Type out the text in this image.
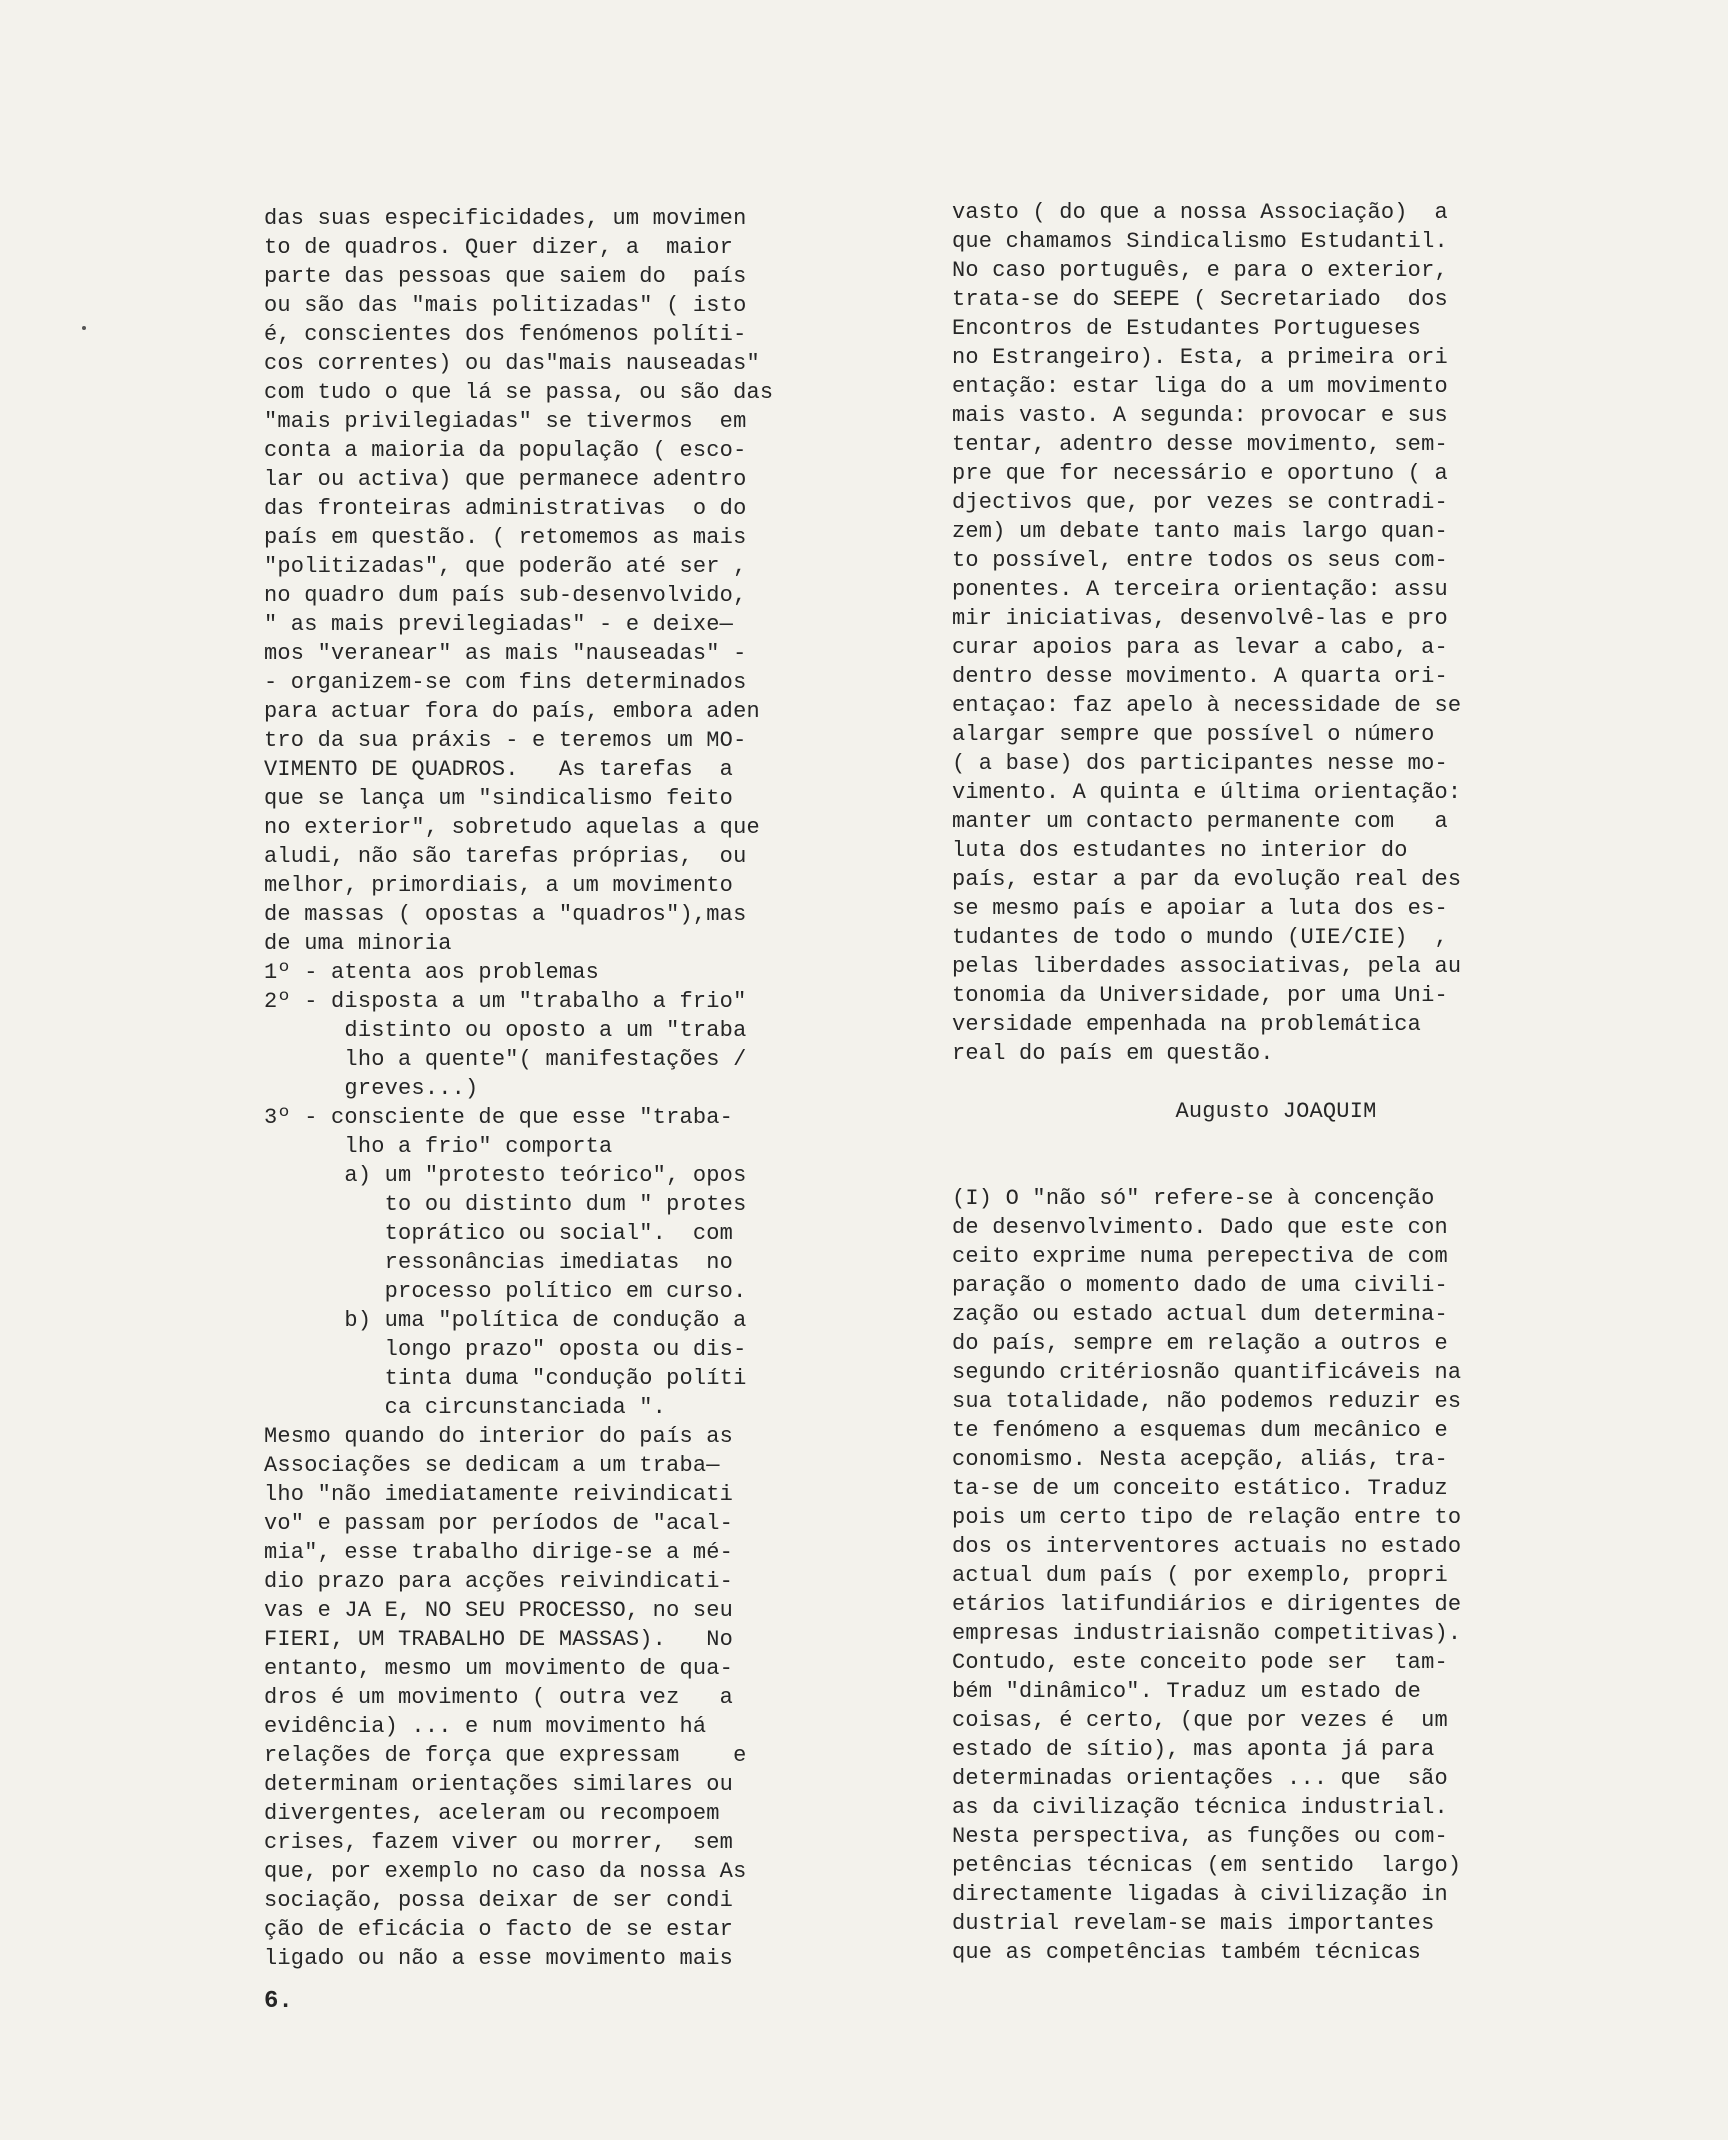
das suas especificidades, um movimen
to de quadros. Quer dizer, a  maior
parte das pessoas que saiem do  país
ou são das "mais politizadas" ( isto
é, conscientes dos fenómenos políti-
cos correntes) ou das"mais nauseadas"
com tudo o que lá se passa, ou são das
"mais privilegiadas" se tivermos  em
conta a maioria da população ( esco-
lar ou activa) que permanece adentro
das fronteiras administrativas  o do
país em questão. ( retomemos as mais
"politizadas", que poderão até ser ,
no quadro dum país sub-desenvolvido,
" as mais previlegiadas" - e deixe—
mos "veranear" as mais "nauseadas" -
- organizem-se com fins determinados
para actuar fora do país, embora aden
tro da sua práxis - e teremos um MO-
VIMENTO DE QUADROS.   As tarefas  a
que se lança um "sindicalismo feito
no exterior", sobretudo aquelas a que
aludi, não são tarefas próprias,  ou
melhor, primordiais, a um movimento
de massas ( opostas a "quadros"),mas
de uma minoria
1º - atenta aos problemas
2º - disposta a um "trabalho a frio"
distinto ou oposto a um "traba
lho a quente"( manifestações /
greves...)
3º - consciente de que esse "traba-
lho a frio" comporta
a) um "protesto teórico", opos
to ou distinto dum " protes
toprático ou social".  com
ressonâncias imediatas  no
processo político em curso.
b) uma "política de condução a
longo prazo" oposta ou dis-
tinta duma "condução políti
ca circunstanciada ".
Mesmo quando do interior do país as
Associações se dedicam a um traba—
lho "não imediatamente reivindicati
vo" e passam por períodos de "acal-
mia", esse trabalho dirige-se a mé-
dio prazo para acções reivindicati-
vas e JA E, NO SEU PROCESSO, no seu
FIERI, UM TRABALHO DE MASSAS).   No
entanto, mesmo um movimento de qua-
dros é um movimento ( outra vez   a
evidência) ... e num movimento há
relações de força que expressam    e
determinam orientações similares ou
divergentes, aceleram ou recompoem
crises, fazem viver ou morrer,  sem
que, por exemplo no caso da nossa As
sociação, possa deixar de ser condi
ção de eficácia o facto de se estar
ligado ou não a esse movimento mais
vasto ( do que a nossa Associação)  a
que chamamos Sindicalismo Estudantil.
No caso português, e para o exterior,
trata-se do SEEPE ( Secretariado  dos
Encontros de Estudantes Portugueses
no Estrangeiro). Esta, a primeira ori
entação: estar liga do a um movimento
mais vasto. A segunda: provocar e sus
tentar, adentro desse movimento, sem-
pre que for necessário e oportuno ( a
djectivos que, por vezes se contradi-
zem) um debate tanto mais largo quan-
to possível, entre todos os seus com-
ponentes. A terceira orientação: assu
mir iniciativas, desenvolvê-las e pro
curar apoios para as levar a cabo, a-
dentro desse movimento. A quarta ori-
entaçao: faz apelo à necessidade de se
alargar sempre que possível o número
( a base) dos participantes nesse mo-
vimento. A quinta e última orientação:
manter um contacto permanente com   a
luta dos estudantes no interior do
país, estar a par da evolução real des
se mesmo país e apoiar a luta dos es-
tudantes de todo o mundo (UIE/CIE)  ,
pelas liberdades associativas, pela au
tonomia da Universidade, por uma Uni-
versidade empenhada na problemática
real do país em questão.
Augusto JOAQUIM
(I) O "não só" refere-se à concenção
de desenvolvimento. Dado que este con
ceito exprime numa perepectiva de com
paração o momento dado de uma civili-
zação ou estado actual dum determina-
do país, sempre em relação a outros e
segundo critériosnão quantificáveis na
sua totalidade, não podemos reduzir es
te fenómeno a esquemas dum mecânico e
conomismo. Nesta acepção, aliás, tra-
ta-se de um conceito estático. Traduz
pois um certo tipo de relação entre to
dos os interventores actuais no estado
actual dum país ( por exemplo, propri
etários latifundiários e dirigentes de
empresas industriaisnão competitivas).
Contudo, este conceito pode ser  tam-
bém "dinâmico". Traduz um estado de
coisas, é certo, (que por vezes é  um
estado de sítio), mas aponta já para
determinadas orientações ... que  são
as da civilização técnica industrial.
Nesta perspectiva, as funções ou com-
petências técnicas (em sentido  largo)
directamente ligadas à civilização in
dustrial revelam-se mais importantes
que as competências também técnicas
6.
